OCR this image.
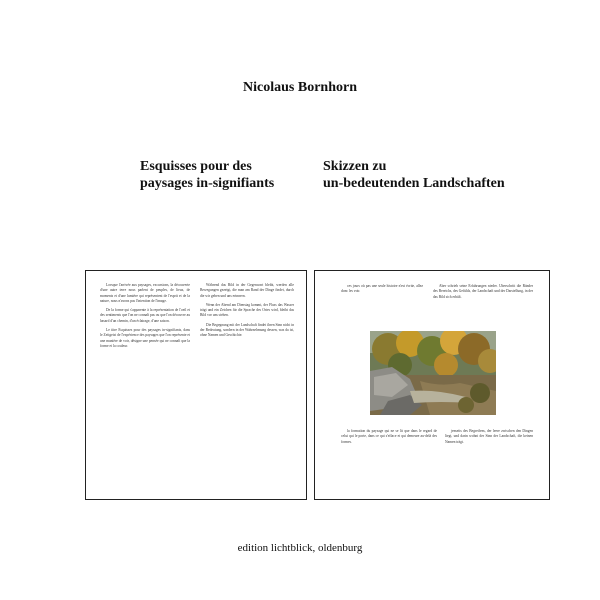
Nicolaus Bornhorn
Esquisses pour des
paysages in-signifiants
Skizzen zu
un-bedeutenden Landschaften

Lorsque l'arrivée aux paysages, excursions, la découverte d'une autre terre nous parlent de peuples, de lieux, de moments et d'une lumière qui représentent de l'esprit et de la nature, nous n'avons pas l'intention de l'image.

De la forme qui s'apparente à la représentation de l'oeil et des sentiments que l'on ne connaît pas ou que l'on découvre au hasard d'un chemin, d'un éclairage, d'une saison.

Le titre Esquisses pour des paysages in-signifiants, dans le Zeitgeist de l'expérience des paysages que l'on représente et une manière de voir, désigne une pensée qui ne connaît que la forme et la couleur.

Während das Bild in der Gegenwart bleibt, werden alle Bewegungen gezeigt, die man am Rand der Dinge findet, durch die wir gehen und uns erinnern.

Wenn der Abend am Dienstag kommt, der Fluss das Wasser trägt und ein Zeichen für die Sprache des Ortes wird, bleibt das Bild vor uns stehen.

Die Begegnung mit der Landschaft findet ihren Sinn nicht in der Bedeutung, sondern in der Wahrnehmung dessen, was da ist, ohne Namen und Geschichte.

ces jours où pas une seule histoire n'est écrite, allez donc les voir.

Aber schrieb seine Erfahrungen nieder. Überschritt die Ränder des Bereichs, des Gefühls, der Landschaft und der Darstellung, in der das Bild sich erhält.

la formation du paysage qui ne se lit que dans le regard de celui qui le porte, dans ce qui s'efface et qui demeure au-delà des formes.

jenseits des Begreifens, der leere zwischen den Dingen liegt, und darin wohnt der Sinn der Landschaft, die keinen Namen trägt.

edition lichtblick, oldenburg
